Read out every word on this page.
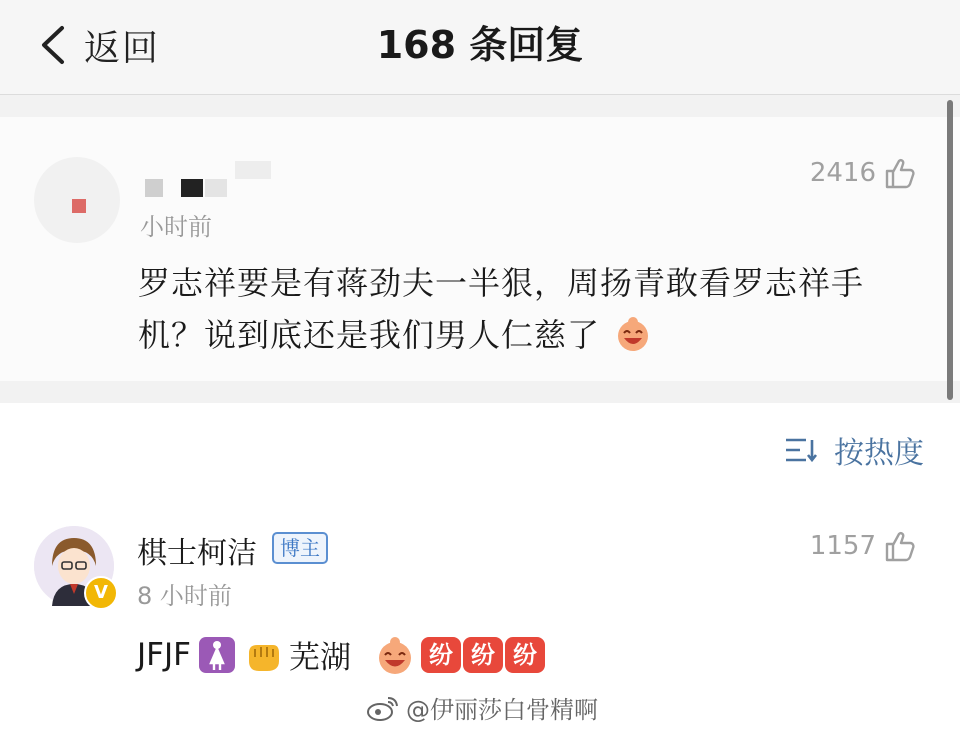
返回	168 条回复
小时前
2416
罗志祥要是有蒋劲夫一半狠，周扬青敢看罗志祥手机？说到底还是我们男人仁慈了
按热度
V
棋士柯洁	博主
8 小时前
1157
JFJF	芜湖	纷 纷 纷
@伊丽莎白骨精啊
